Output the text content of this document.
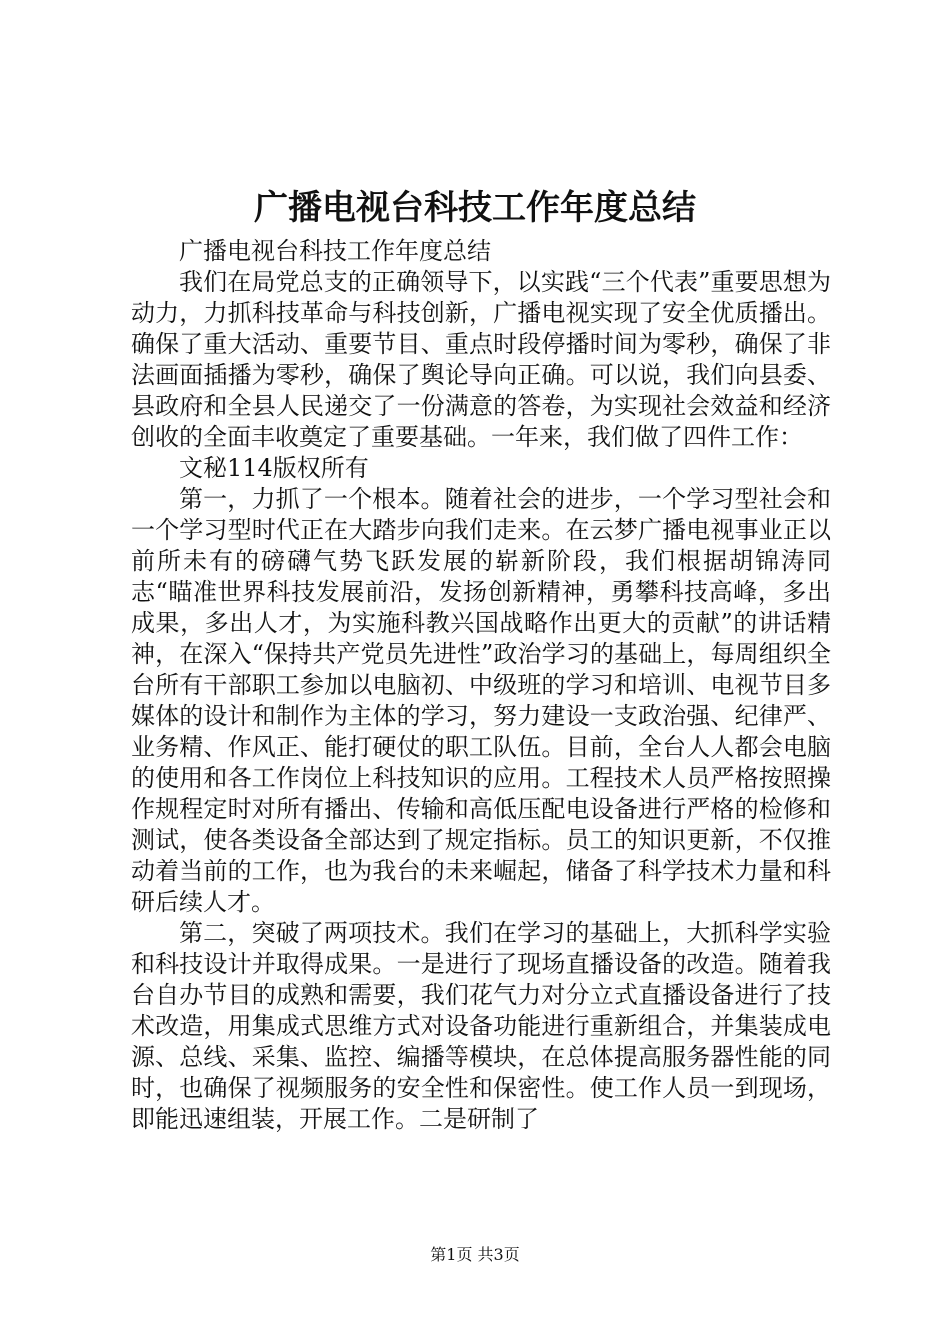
广播电视台科技工作年度总结

广播电视台科技工作年度总结

我们在局党总支的正确领导下，以实践“三个代表”重要思想为动力，力抓科技革命与科技创新，广播电视实现了安全优质播出。确保了重大活动、重要节目、重点时段停播时间为零秒，确保了非法画面插播为零秒，确保了舆论导向正确。可以说，我们向县委、县政府和全县人民递交了一份满意的答卷，为实现社会效益和经济创收的全面丰收奠定了重要基础。一年来，我们做了四件工作：

文秘114版权所有

第一，力抓了一个根本。随着社会的进步，一个学习型社会和一个学习型时代正在大踏步向我们走来。在云梦广播电视事业正以前所未有的磅礴气势飞跃发展的崭新阶段，我们根据胡锦涛同志“瞄准世界科技发展前沿，发扬创新精神，勇攀科技高峰，多出成果，多出人才，为实施科教兴国战略作出更大的贡献”的讲话精神，在深入“保持共产党员先进性”政治学习的基础上，每周组织全台所有干部职工参加以电脑初、中级班的学习和培训、电视节目多媒体的设计和制作为主体的学习，努力建设一支政治强、纪律严、业务精、作风正、能打硬仗的职工队伍。目前，全台人人都会电脑的使用和各工作岗位上科技知识的应用。工程技术人员严格按照操作规程定时对所有播出、传输和高低压配电设备进行严格的检修和测试，使各类设备全部达到了规定指标。员工的知识更新，不仅推动着当前的工作，也为我台的未来崛起，储备了科学技术力量和科研后续人才。

第二，突破了两项技术。我们在学习的基础上，大抓科学实验和科技设计并取得成果。一是进行了现场直播设备的改造。随着我台自办节目的成熟和需要，我们花气力对分立式直播设备进行了技术改造，用集成式思维方式对设备功能进行重新组合，并集装成电源、总线、采集、监控、编播等模块，在总体提高服务器性能的同时，也确保了视频服务的安全性和保密性。使工作人员一到现场，即能迅速组装，开展工作。二是研制了

第1页 共3页
